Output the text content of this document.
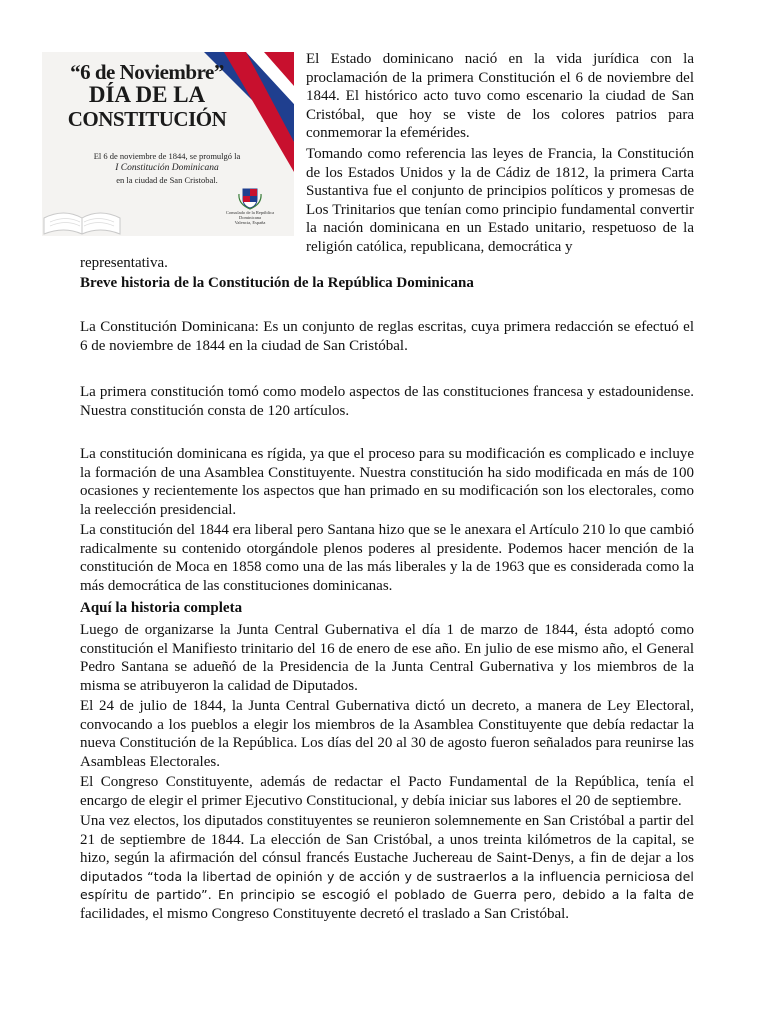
“6 de Noviembre”
DÍA DE LA
CONSTITUCIÓN
El 6 de noviembre de 1844, se promulgó la
I Constitución Dominicana
en la ciudad de San Cristobal.
Consulado de la República
Dominicana
Valencia, España

El Estado dominicano nació en la vida jurídica con la proclamación de la primera Constitución el 6 de noviembre del 1844. El histórico acto tuvo como escenario la ciudad de San Cristóbal, que hoy se viste de los colores patrios para conmemorar la efemérides.

Tomando como referencia las leyes de Francia, la Constitución de los Estados Unidos y la de Cádiz de 1812, la primera Carta Sustantiva fue el conjunto de principios políticos y promesas de Los Trinitarios que tenían como principio fundamental convertir la nación dominicana en un Estado unitario, respetuoso de la religión católica, republicana, democrática y

representativa.

Breve historia de la Constitución de la República Dominicana

La Constitución Dominicana: Es un conjunto de reglas escritas, cuya primera redacción se efectuó el 6 de noviembre de 1844 en la ciudad de San Cristóbal.

La primera constitución tomó como modelo aspectos de las constituciones francesa y estadounidense. Nuestra constitución consta de 120 artículos.

La constitución dominicana es rígida, ya que el proceso para su modificación es complicado e incluye la formación de una Asamblea Constituyente. Nuestra constitución ha sido modificada en más de 100 ocasiones y recientemente los aspectos que han primado en su modificación son los electorales, como la reelección presidencial.

La constitución del 1844 era liberal pero Santana hizo que se le anexara el Artículo 210 lo que cambió radicalmente su contenido otorgándole plenos poderes al presidente. Podemos hacer mención de la constitución de Moca en 1858 como una de las más liberales y la de 1963 que es considerada como la más democrática de las constituciones dominicanas.

Aquí la historia completa

Luego de organizarse la Junta Central Gubernativa el día 1 de marzo de 1844, ésta adoptó como constitución el Manifiesto trinitario del 16 de enero de ese año. En julio de ese mismo año, el General Pedro Santana se adueñó de la Presidencia de la Junta Central Gubernativa y los miembros de la misma se atribuyeron la calidad de Diputados.

El 24 de julio de 1844, la Junta Central Gubernativa dictó un decreto, a manera de Ley Electoral, convocando a los pueblos a elegir los miembros de la Asamblea Constituyente que debía redactar la nueva Constitución de la República. Los días del 20 al 30 de agosto fueron señalados para reunirse las Asambleas Electorales.

El Congreso Constituyente, además de redactar el Pacto Fundamental de la República, tenía el encargo de elegir el primer Ejecutivo Constitucional, y debía iniciar sus labores el 20 de septiembre.

Una vez electos, los diputados constituyentes se reunieron solemnemente en San Cristóbal a partir del 21 de septiembre de 1844. La elección de San Cristóbal, a unos treinta kilómetros de la capital, se hizo, según la afirmación del cónsul francés Eustache Juchereau de Saint-Denys, a fin de dejar a los diputados “toda la libertad de opinión y de acción y de sustraerlos a la influencia perniciosa del espíritu de partido”. En principio se escogió el poblado de Guerra pero, debido a la falta de facilidades, el mismo Congreso Constituyente decretó el traslado a San Cristóbal.
